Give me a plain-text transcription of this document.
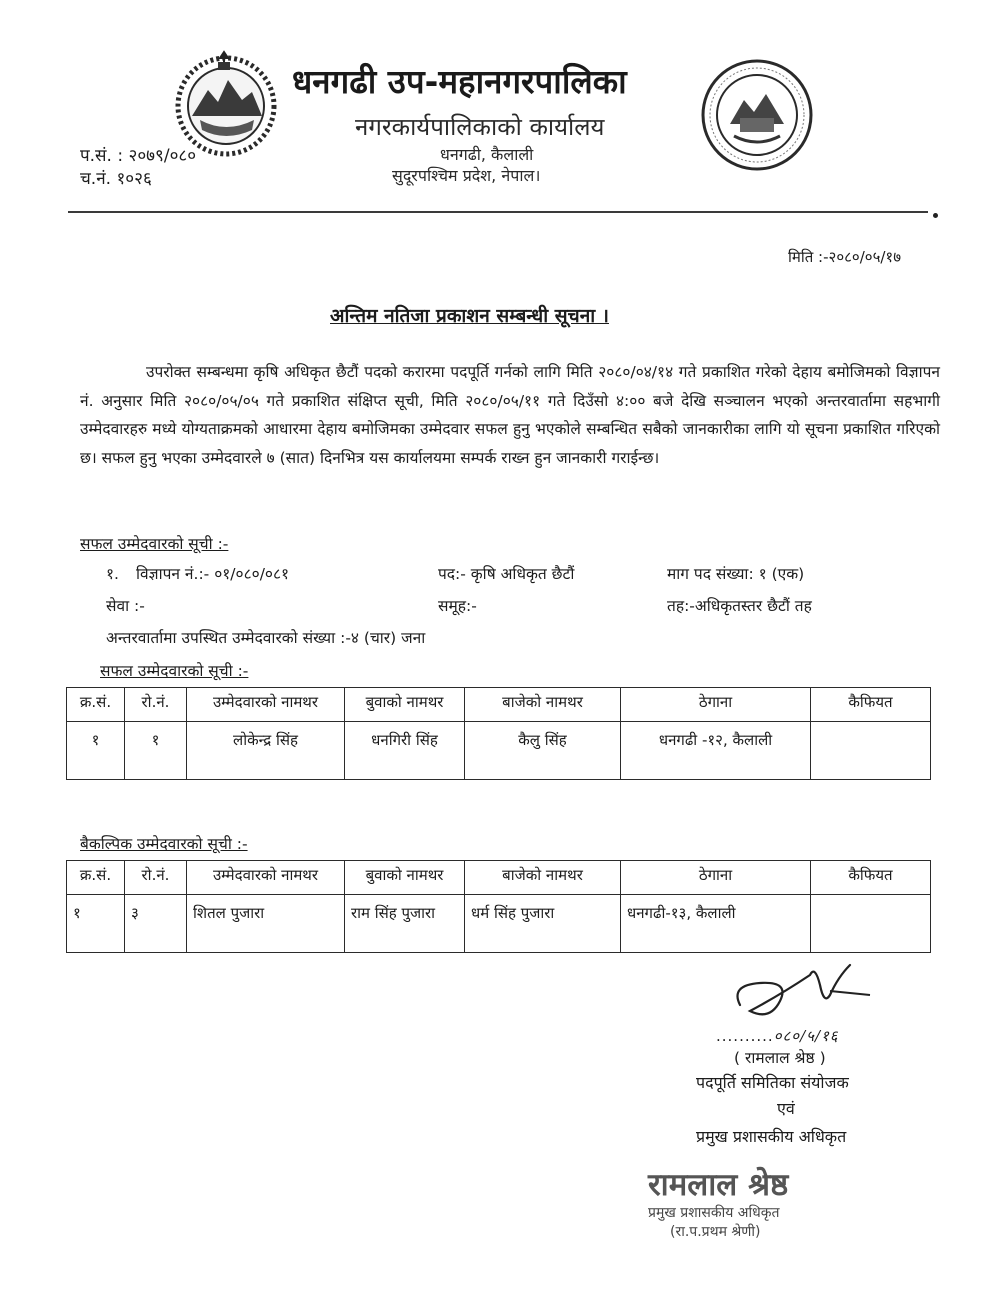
धनगढी उप-महानगरपालिका
नगरकार्यपालिकाको कार्यालय
धनगढी, कैलाली
सुदूरपश्चिम प्रदेश, नेपाल।
प.सं. : २०७९/०८०
च.नं. १०२६
मिति :-२०८०/०५/१७
अन्तिम नतिजा प्रकाशन सम्बन्धी सूचना ।
उपरोक्त सम्बन्धमा कृषि अधिकृत छैटौं पदको करारमा पदपूर्ति गर्नको लागि मिति २०८०/०४/१४ गते प्रकाशित गरेको देहाय बमोजिमको विज्ञापन नं. अनुसार मिति २०८०/०५/०५ गते प्रकाशित संक्षिप्त सूची, मिति २०८०/०५/११ गते दिउँसो ४:०० बजे देखि सञ्चालन भएको अन्तरवार्तामा सहभागी उम्मेदवारहरु मध्ये योग्यताक्रमको आधारमा देहाय बमोजिमका उम्मेदवार सफल हुनु भएकोले सम्बन्धित सबैको जानकारीका लागि यो सूचना प्रकाशित गरिएको छ। सफल हुनु भएका उम्मेदवारले ७ (सात) दिनभित्र यस कार्यालयमा सम्पर्क राख्न हुन जानकारी गराईन्छ।
सफल उम्मेदवारको सूची :-
१. विज्ञापन नं.:- ०१/०८०/०८१	पद:- कृषि अधिकृत छैटौं	माग पद संख्या: १ (एक)
सेवा :-	समूह:-	तह:-अधिकृतस्तर छैटौं तह
अन्तरवार्तामा उपस्थित उम्मेदवारको संख्या :-४ (चार) जना
सफल उम्मेदवारको सूची :-
क्र.सं.	रो.नं.	उम्मेदवारको नामथर	बुवाको नामथर	बाजेको नामथर	ठेगाना	कैफियत
१	१	लोकेन्द्र सिंह	धनगिरी सिंह	कैलु सिंह	धनगढी -१२, कैलाली	
बैकल्पिक उम्मेदवारको सूची :-
क्र.सं.	रो.नं.	उम्मेदवारको नामथर	बुवाको नामथर	बाजेको नामथर	ठेगाना	कैफियत
१	३	शितल पुजारा	राम सिंह पुजारा	धर्म सिंह पुजारा	धनगढी-१३, कैलाली	
..........०८०/५/१६
( रामलाल श्रेष्ठ )
पदपूर्ति समितिका संयोजक
एवं
प्रमुख प्रशासकीय अधिकृत
रामलाल श्रेष्ठ
प्रमुख प्रशासकीय अधिकृत
(रा.प.प्रथम श्रेणी)
